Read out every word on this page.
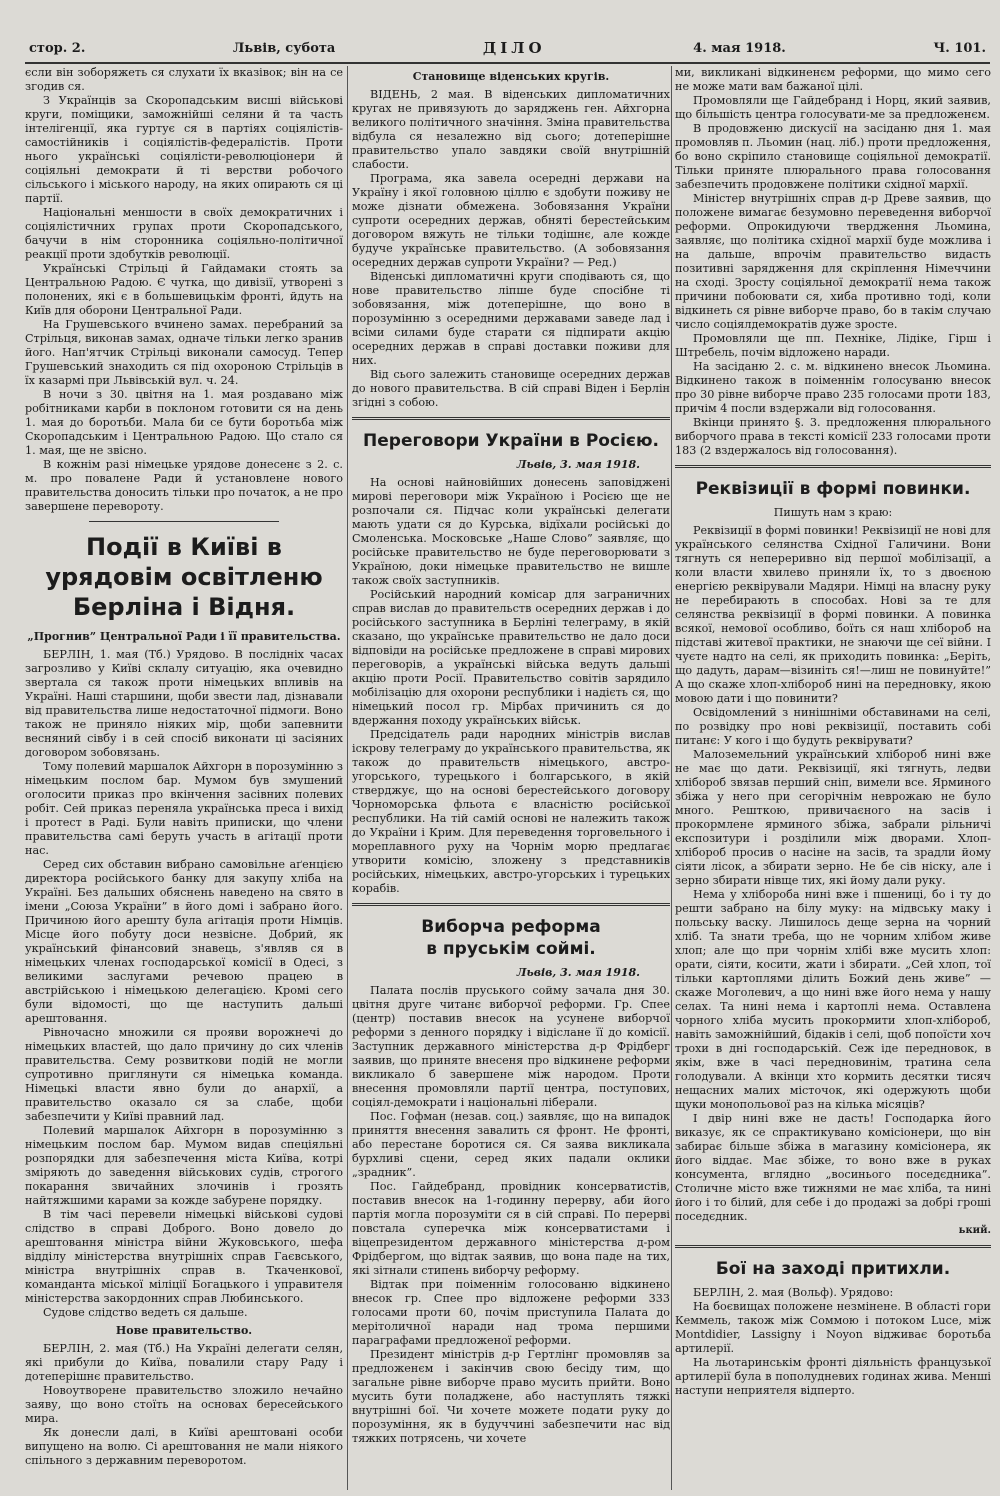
стор. 2.	Львів, субота	ДІЛО	4. мая 1918.	Ч. 101.

єсли він зоборяжеть ся слухати їх вказівок; він на се згодив ся.

З Українців за Скоропадським висші військові круги, поміщики, заможнійші селяни й та часть інтелігенції, яка гуртує ся в партіях соціялістів-самостійників і соціялістів-федералістів. Проти нього українські соціялісти-революціонери й соціяльні демократи й ті верстви робочого сільського і міського народу, на яких опирають ся ці партії.

Національні меншости в своїх демократичних і соціялістичних групах проти Скоропадського, бачучи в нім сторонника соціяльно-політичної реакції проти здобутків революції.

Українські Стрільці й Гайдамаки стоять за Центральною Радою. Є чутка, що дивізії, утворені з полонених, які є в большевицькім фронті, йдуть на Київ для оборони Центральної Ради.

На Грушевського вчинено замах. перебраний за Стрільця, виконав замах, одначе тільки легко зранив його. Нап'ятчик Стрільці виконали самосуд. Тепер Грушевський знаходить ся під охороною Стрільців в їх казармі при Львівській вул. ч. 24.

В ночи з 30. цвітня на 1. мая роздавано між робітниками карби в поклоном готовити ся на день 1. мая до боротьби. Мала би се бути боротьба між Скоропадським і Центральною Радою. Що стало ся 1. мая, ще не звісно.

В кожнім разі німецьке урядове донесенє з 2. с. м. про повалене Ради й установлене нового правительства доносить тільки про початок, а не про завершене перевороту.

Події в Київі в урядовім освітленю Берліна і Відня.
„Прогнив” Центральної Ради і її правительства.

БЕРЛІН, 1. мая (Тб.) Урядово. В послідніх часах загрозливо у Київі склалу ситуацію, яка очевидно звертала ся також проти німецьких впливів на Україні. Наші старшини, щоби звести лад, дізнавали від правительства лише недостаточної підмоги. Воно також не приняло ніяких мір, щоби запевнити весняний сівбу і в сей спосіб виконати ці засіяних договором зобовязань.

Тому полевий маршалок Айхгорн в порозумінню з німецьким послом бар. Мумом був змушений оголосити приказ про вкінчення засівних полевих робіт. Сей приказ переняла українська преса і вихід і протест в Раді. Були навіть приписки, що члени правительства самі беруть участь в агітації проти нас.

Серед сих обставин вибрано самовільне аґенцією директора російського банку для закупу хліба на Україні. Без дальших обяснень наведено на свято в імени „Союза України” в його домі і забрано його. Причиною його арешту була агітація проти Німців. Місце його побуту доси незвісне. Добрий, як український фінансовий знавець, з'являв ся в німецьких членах господарської комісії в Одесі, з великими заслугами речевою працею в австрійською і німецькою делегацією. Кромі сего були відомості, що ще наступить дальші арештовання.

Рівночасно множили ся прояви ворожнечі до німецьких властей, що дало причину до сих членів правительства. Сему розвиткови подій не могли супротивно приглянути ся німецька команда. Німецькі власти явно були до анархії, а правительство оказало ся за слабе, щоби забезпечити у Київі правний лад.

Полевий маршалок Айхгорн в порозумінню з німецьким послом бар. Мумом видав спеціяльні розпорядки для забезпечення міста Київа, котрі зміряють до заведення військових судів, строгого покарання звичайних злочинів і грозять найтяжшими карами за кожде забурене порядку.

В тім часі перевели німецькі військові судові слідство в справі Доброго. Воно довело до арештовання міністра війни Жуковського, шефа відділу міністерства внутрішніх справ Гаєвського, міністра внутрішніх справ в. Ткаченкової, команданта міської міліції Богацького і управителя міністерства закордонних справ Любинського.

Судове слідство ведеть ся дальше.

Нове правительство.

БЕРЛІН, 2. мая (Тб.) На Україні делегати селян, які прибули до Київа, повалили стару Раду і дотеперішнє правительство.

Новоутворене правительство зложило нечайно заяву, що воно стоїть на основах бересейського мира.

Як донесли далі, в Київі арештовані особи випущено на волю. Сі арештовання не мали ніякого спільного з державним переворотом.

Становище віденських кругів.

ВІДЕНЬ, 2 мая. В віденських дипломатичних кругах не привязують до заряджень ген. Айхгорна великого політичного значіння. Зміна правительства відбула ся незалежно від сього; дотеперішне правительство упало завдяки своїй внутрішній слабости.

Програма, яка завела осередні держави на Україну і якої головною ціллю є здобути поживу не може дізнати обмежена. Зобовязання України супроти осередних держав, обняті берестейським договором вяжуть не тільки тодішнє, але кожде будуче українське правительство. (А зобовязання осередних держав супроти України? — Ред.)

Віденські дипломатичні круги сподівають ся, що нове правительство ліпше буде спосібне ті зобовязання, між дотеперішне, що воно в порозумінню з осередними державами заведе лад і всіми силами буде старати ся підпирати акцію осередних держав в справі доставки поживи для них.

Від сього залежить становище осередних держав до нового правительства. В сій справі Віден і Берлін згідні з собою.

Переговори України в Росією.
Львів, 3. мая 1918.

На основі найновійших донесень заповіджені мирові переговори між Україною і Росією ще не розпочали ся. Підчас коли українські делегати мають удати ся до Курська, відїхали російські до Смоленська. Московське „Наше Слово” заявляє, що російське правительство не буде переговорювати з Україною, доки німецьке правительство не вишле також своїх заступників.

Російський народний комісар для заграничних справ вислав до правительств осередних держав і до російського заступника в Берліні телеграму, в якій сказано, що українське правительство не дало доси відповіди на російське предложене в справі мирових переговорів, а українські війська ведуть дальші акцію проти Росії. Правительство совітів зарядило мобілізацію для охорони республики і надієть ся, що німецький посол гр. Мірбах причинить ся до вдержання походу українських військ.

Предсідатель ради народних міністрів вислав іскрову телеграму до українського правительства, як також до правительств німецького, австро-угорського, турецького і болгарського, в якій стверджує, що на основі берестейського договору Чорноморська фльота є власністю російської республики. На тій самій основі не належить також до України і Крим. Для переведення торговельного і мореплавного руху на Чорнім морю предлагає утворити комісію, зложену з представників російських, німецьких, австро-угорських і турецьких корабів.

Виборча реформа
в пруськім соймі.
Львів, 3. мая 1918.

Палата послів пруського сойму зачала дня 30. цвітня друге читанє виборчої реформи. Гр. Спее (центр) поставив внесок на усунене виборчої реформи з денного порядку і відіслане її до комісії. Заступник державного міністерства д-р Фрідберг заявив, що приняте внесеня про відкинене реформи викликало б завершене між народом. Проти внесення промовляли партії центра, поступових, соціял-демократи і національні ліберали.

Пос. Гофман (незав. соц.) заявляє, що на випадок приняття внесення завалить ся фронт. Не фронті, або перестане боротися ся. Ся заява викликала бурхливі сцени, серед яких падали оклики „зрадник”.

Пос. Гайдебранд, провідник консерватистів, поставив внесок на 1-годинну перерву, аби його партія могла порозуміти ся в сій справі. По перерві повстала суперечка між консерватистами і віцепрезидентом державного міністерства д-ром Фрідбергом, що відтак заявив, що вона паде на тих, які зітнали стипень виборчу реформу.

Відтак при поіменнім голосованю відкинено внесок гр. Спее про відложене реформи 333 голосами проти 60, почім приступила Палата до мерітоличної наради над трома першими параграфами предложеної реформи.

Президент міністрів д-р Гертлінг промовляв за предложенєм і закінчив свою бесіду тим, що загальне рівне виборче право мусить прийти. Воно мусить бути поладжене, або наступлять тяжкі внутрішні бої. Чи хочете можете подати руку до порозуміння, як в будуччині забезпечити нас від тяжких потрясень, чи хочете

ми, викликані відкиненєм реформи, що мимо сего не може мати вам бажаної цілі.

Промовляли ще Гайдебранд і Норц, який заявив, що більшість центра голосувати-ме за предложенєм.

В продовженю дискусії на засіданю дня 1. мая промовляв п. Льомин (нац. ліб.) проти предложення, бо воно скріпило становище соціяльної демократії. Тільки приняте плюрального права голосовання забезпечить продовжене політики східної мархії.

Міністер внутрішніх справ д-р Древе заявив, що положене вимагає безумовно переведення виборчої реформи. Опрокидуючи твердження Льомина, заявляє, що політика східної мархії буде можлива і на дальше, впрочім правительство видасть позитивні зарядження для скріплення Німеччини на сході. Зросту соціяльної демократії нема також причини побоювати ся, хиба противно тоді, коли відкинеть ся рівне виборче право, бо в такім случаю число соціялдемократів дуже зросте.

Промовляли ще пп. Пехніке, Лідіке, Гірш і Штребель, почім відложено наради.

На засіданю 2. с. м. відкинено внесок Льомина. Відкинено також в поіменнім голосуваню внесок про 30 рівне виборче право 235 голосами проти 183, причім 4 посли вздержали від голосовання.

Вкінци принято §. 3. предложення плюрального виборчого права в тексті комісії 233 голосами проти 183 (2 вздержалось від голосовання).

Реквізиції в формі повинки.
Пишуть нам з краю:

Реквізиції в формі повинки! Реквізиції не нові для українського селянства Східної Галичини. Вони тягнуть ся непереривно від першої мобілізації, а коли власти хвилево приняли їх, то з двоєною енергією реквірували Мадяри. Німці на власну руку не перебирають в способах. Нові за те для селянства реквізиції в формі повинки. А повинка всякої, немової особливо, боїть ся наш хлібороб на підставі житевої практики, не знаючи ще сеї війни. І чуєте надто на селі, як приходить повинка: „Беріть, що дадуть, дарам—візиніть ся!—лиш не повинуйте!” А що скаже хлоп-хлібороб нині на передновку, якою мовою дати і що повинити?

Освідомлений з нинішніми обставинами на селі, по розвідку про нові реквізиції, поставить собі питанє: У кого і що будуть реквірувати?

Малоземельний український хлібороб нині вже не має що дати. Реквізиції, які тягнуть, ледви хлібороб звязав перший сніп, вимели все. Ярминого збіжа у него при сегорічнім неврожаю не було много. Решткою, привичаєного на засів і прокормлене ярминого збіжа, забрали рільничі експозитури і розділили між дворами. Хлоп-хлібороб просив о насіне на засів, та зрадли йому сіяти лісок, а збирати зерно. Не бе сів ніску, але і зерно збирати нівще тих, які йому дали руку.

Нема у хлібороба нині вже і пшениці, бо і ту до решти забрано на білу муку: на мідвську маку і польську васку. Лишилось деще зерна на чорний хліб. Та знати треба, що не чорним хлібом живе хлоп; але що при чорнім хлібі вже мусить хлоп: орати, сіяти, косити, жати і збирати. „Сей хлоп, тої тільки картоплями ділить Божий день живе” — скаже Моголевич, а що нині вже його нема у нашу селах. Та нині нема і картоплі нема. Оставлена чорного хліба мусить прокормити хлоп-хлібороб, навіть заможнійший, бідаків і селі, щоб попоїсти хоч трохи в дні господарській. Сеж іде передновок, в якім, вже в часі передновинім, тратина села голодували. А вкінци хто кормить десятки тисяч нещасних малих місточок, які одержують щоби щуки монопольової раз на кілька місяців?

І двір нині вже не дасть! Господарка його виказує, як се спрактикувано комісіонери, що він забирає більше збіжа в магазину комісіонера, як його віддає. Має збіже, то воно вже в руках консумента, вглядно „восинього поседєдника”. Столичне місто вже тижнями не має хліба, та нині його і то білий, для себе і до продажі за добрі гроші поседєдник.

ький.
Бої на заході притихли.

БЕРЛІН, 2. мая (Вольф). Урядово:

На боєвищах положене незмінене. В області гори Кеммель, також між Соммою і потоком Luce, між Montdidier, Lassigny і Noyon відживає боротьба артилерії.

На льотаринськім фронті діяльність французької артилерії була в пополудневих годинах жива. Менші наступи неприятеля відперто.
